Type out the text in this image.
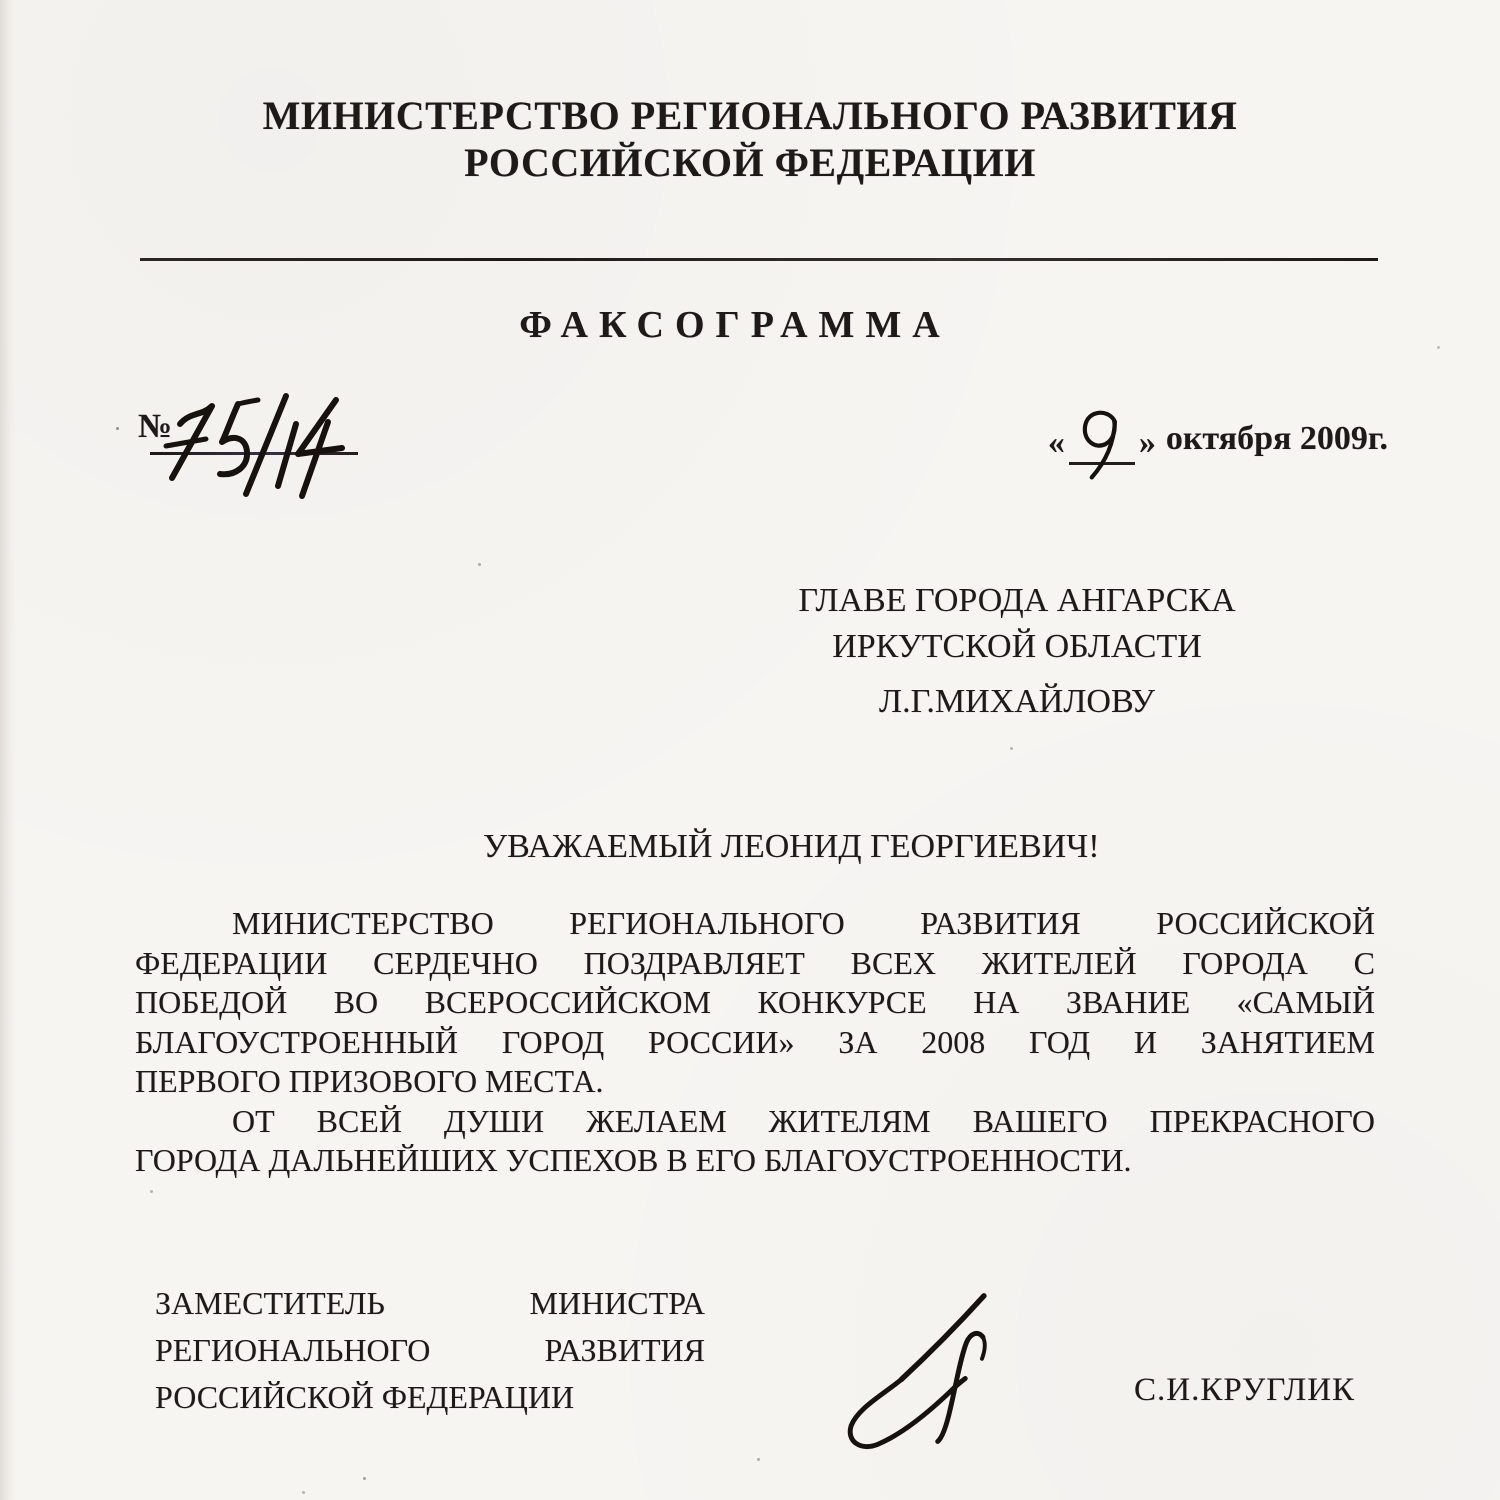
МИНИСТЕРСТВО РЕГИОНАЛЬНОГО РАЗВИТИЯ
РОССИЙСКОЙ ФЕДЕРАЦИИ
ФАКСОГРАММА
№	« » октября 2009г.
ГЛАВЕ ГОРОДА АНГАРСКА
ИРКУТСКОЙ ОБЛАСТИ
Л.Г.МИХАЙЛОВУ
УВАЖАЕМЫЙ ЛЕОНИД ГЕОРГИЕВИЧ!
МИНИСТЕРСТВО РЕГИОНАЛЬНОГО РАЗВИТИЯ РОССИЙСКОЙ
ФЕДЕРАЦИИ СЕРДЕЧНО ПОЗДРАВЛЯЕТ ВСЕХ ЖИТЕЛЕЙ ГОРОДА С
ПОБЕДОЙ ВО ВСЕРОССИЙСКОМ КОНКУРСЕ НА ЗВАНИЕ «САМЫЙ
БЛАГОУСТРОЕННЫЙ ГОРОД РОССИИ» ЗА 2008 ГОД И ЗАНЯТИЕМ
ПЕРВОГО ПРИЗОВОГО МЕСТА.
ОТ ВСЕЙ ДУШИ ЖЕЛАЕМ ЖИТЕЛЯМ ВАШЕГО ПРЕКРАСНОГО
ГОРОДА ДАЛЬНЕЙШИХ УСПЕХОВ В ЕГО БЛАГОУСТРОЕННОСТИ.
ЗАМЕСТИТЕЛЬ МИНИСТРА
РЕГИОНАЛЬНОГО РАЗВИТИЯ
РОССИЙСКОЙ ФЕДЕРАЦИИ	С.И.КРУГЛИК
